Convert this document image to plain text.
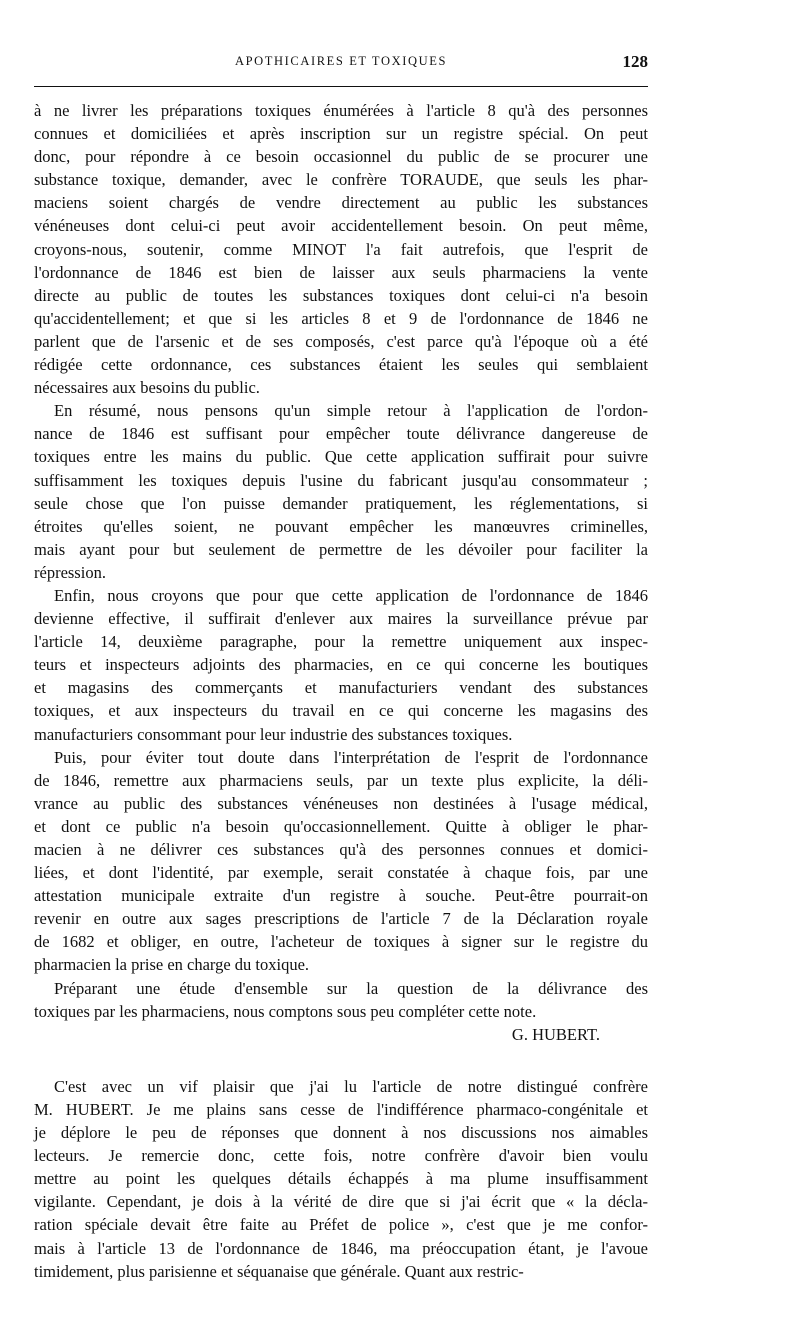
APOTHICAIRES ET TOXIQUES	128
à ne livrer les préparations toxiques énumérées à l'article 8 qu'à des personnes
connues et domiciliées et après inscription sur un registre spécial. On peut
donc, pour répondre à ce besoin occasionnel du public de se procurer une
substance toxique, demander, avec le confrère TORAUDE, que seuls les phar-
maciens soient chargés de vendre directement au public les substances
vénéneuses dont celui-ci peut avoir accidentellement besoin. On peut même,
croyons-nous, soutenir, comme MINOT l'a fait autrefois, que l'esprit de
l'ordonnance de 1846 est bien de laisser aux seuls pharmaciens la vente
directe au public de toutes les substances toxiques dont celui-ci n'a besoin
qu'accidentellement; et que si les articles 8 et 9 de l'ordonnance de 1846 ne
parlent que de l'arsenic et de ses composés, c'est parce qu'à l'époque où a été
rédigée cette ordonnance, ces substances étaient les seules qui semblaient
nécessaires aux besoins du public.
En résumé, nous pensons qu'un simple retour à l'application de l'ordon-
nance de 1846 est suffisant pour empêcher toute délivrance dangereuse de
toxiques entre les mains du public. Que cette application suffirait pour suivre
suffisamment les toxiques depuis l'usine du fabricant jusqu'au consommateur ;
seule chose que l'on puisse demander pratiquement, les réglementations, si
étroites qu'elles soient, ne pouvant empêcher les manœuvres criminelles,
mais ayant pour but seulement de permettre de les dévoiler pour faciliter la
répression.
Enfin, nous croyons que pour que cette application de l'ordonnance de 1846
devienne effective, il suffirait d'enlever aux maires la surveillance prévue par
l'article 14, deuxième paragraphe, pour la remettre uniquement aux inspec-
teurs et inspecteurs adjoints des pharmacies, en ce qui concerne les boutiques
et magasins des commerçants et manufacturiers vendant des substances
toxiques, et aux inspecteurs du travail en ce qui concerne les magasins des
manufacturiers consommant pour leur industrie des substances toxiques.
Puis, pour éviter tout doute dans l'interprétation de l'esprit de l'ordonnance
de 1846, remettre aux pharmaciens seuls, par un texte plus explicite, la déli-
vrance au public des substances vénéneuses non destinées à l'usage médical,
et dont ce public n'a besoin qu'occasionnellement. Quitte à obliger le phar-
macien à ne délivrer ces substances qu'à des personnes connues et domici-
liées, et dont l'identité, par exemple, serait constatée à chaque fois, par une
attestation municipale extraite d'un registre à souche. Peut-être pourrait-on
revenir en outre aux sages prescriptions de l'article 7 de la Déclaration royale
de 1682 et obliger, en outre, l'acheteur de toxiques à signer sur le registre du
pharmacien la prise en charge du toxique.
Préparant une étude d'ensemble sur la question de la délivrance des
toxiques par les pharmaciens, nous comptons sous peu compléter cette note.
G. HUBERT.
C'est avec un vif plaisir que j'ai lu l'article de notre distingué confrère
M. HUBERT. Je me plains sans cesse de l'indifférence pharmaco-congénitale et
je déplore le peu de réponses que donnent à nos discussions nos aimables
lecteurs. Je remercie donc, cette fois, notre confrère d'avoir bien voulu
mettre au point les quelques détails échappés à ma plume insuffisamment
vigilante. Cependant, je dois à la vérité de dire que si j'ai écrit que « la décla-
ration spéciale devait être faite au Préfet de police », c'est que je me confor-
mais à l'article 13 de l'ordonnance de 1846, ma préoccupation étant, je l'avoue
timidement, plus parisienne et séquanaise que générale. Quant aux restric-
